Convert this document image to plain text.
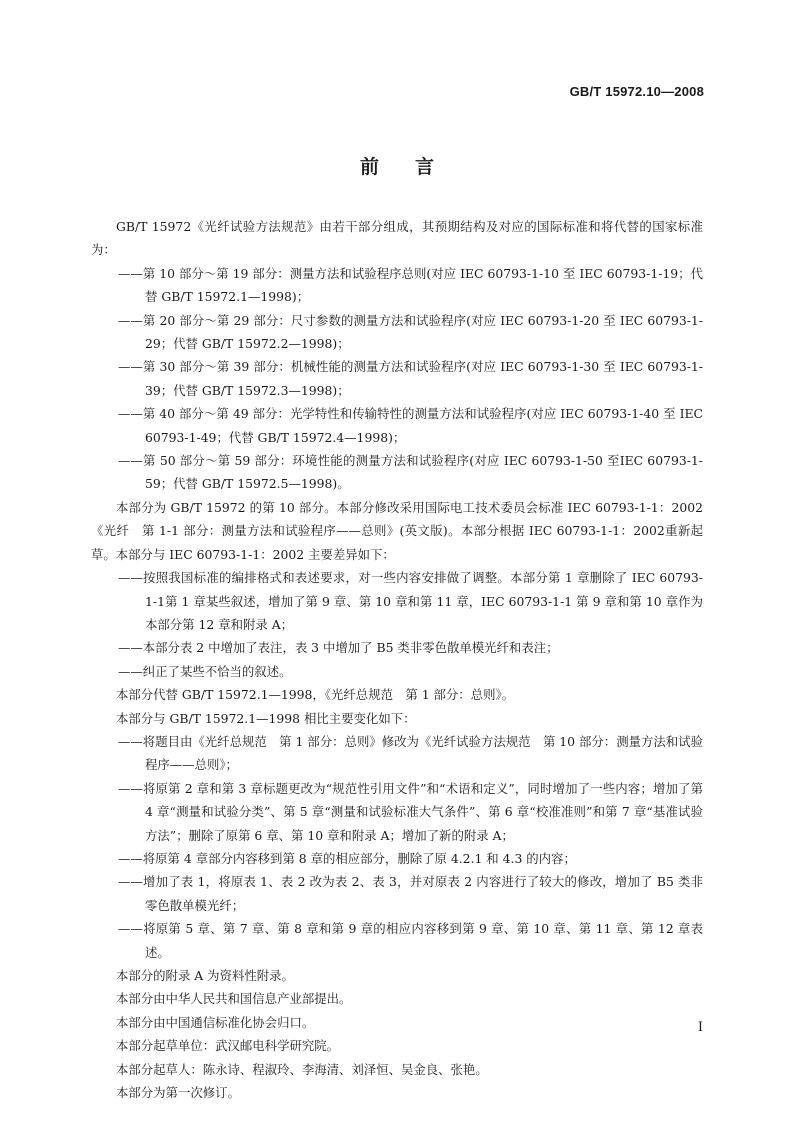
GB/T 15972.10—2008
前言

GB/T 15972《光纤试验方法规范》由若干部分组成，其预期结构及对应的国际标准和将代替的国家标准为：

——第 10 部分～第 19 部分：测量方法和试验程序总则(对应 IEC 60793-1-10 至 IEC 60793-1-19；代替 GB/T 15972.1—1998)；

——第 20 部分～第 29 部分：尺寸参数的测量方法和试验程序(对应 IEC 60793-1-20 至 IEC 60793-1-29；代替 GB/T 15972.2—1998)；

——第 30 部分～第 39 部分：机械性能的测量方法和试验程序(对应 IEC 60793-1-30 至 IEC 60793-1-39；代替 GB/T 15972.3—1998)；

——第 40 部分～第 49 部分：光学特性和传输特性的测量方法和试验程序(对应 IEC 60793-1-40 至 IEC 60793-1-49；代替 GB/T 15972.4—1998)；

——第 50 部分～第 59 部分：环境性能的测量方法和试验程序(对应 IEC 60793-1-50 至IEC 60793-1-59；代替 GB/T 15972.5—1998)。

本部分为 GB/T 15972 的第 10 部分。本部分修改采用国际电工技术委员会标准 IEC 60793-1-1：2002《光纤　第 1-1 部分：测量方法和试验程序——总则》(英文版)。本部分根据 IEC 60793-1-1：2002重新起草。本部分与 IEC 60793-1-1：2002 主要差异如下：

——按照我国标准的编排格式和表述要求，对一些内容安排做了调整。本部分第 1 章删除了 IEC 60793-1-1第 1 章某些叙述，增加了第 9 章、第 10 章和第 11 章，IEC 60793-1-1 第 9 章和第 10 章作为本部分第 12 章和附录 A；

——本部分表 2 中增加了表注，表 3 中增加了 B5 类非零色散单模光纤和表注；

——纠正了某些不恰当的叙述。

本部分代替 GB/T 15972.1—1998，《光纤总规范　第 1 部分：总则》。

本部分与 GB/T 15972.1—1998 相比主要变化如下：

——将题目由《光纤总规范　第 1 部分：总则》修改为《光纤试验方法规范　第 10 部分：测量方法和试验程序——总则》；

——将原第 2 章和第 3 章标题更改为“规范性引用文件”和“术语和定义”，同时增加了一些内容；增加了第 4 章“测量和试验分类”、第 5 章“测量和试验标准大气条件”、第 6 章“校准准则”和第 7 章“基准试验方法”；删除了原第 6 章、第 10 章和附录 A；增加了新的附录 A；

——将原第 4 章部分内容移到第 8 章的相应部分，删除了原 4.2.1 和 4.3 的内容；

——增加了表 1，将原表 1、表 2 改为表 2、表 3，并对原表 2 内容进行了较大的修改，增加了 B5 类非零色散单模光纤；

——将原第 5 章、第 7 章、第 8 章和第 9 章的相应内容移到第 9 章、第 10 章、第 11 章、第 12 章表述。

本部分的附录 A 为资料性附录。

本部分由中华人民共和国信息产业部提出。

本部分由中国通信标准化协会归口。

本部分起草单位：武汉邮电科学研究院。

本部分起草人：陈永诗、程淑玲、李海清、刘泽恒、吴金良、张艳。

本部分为第一次修订。

Ⅰ
